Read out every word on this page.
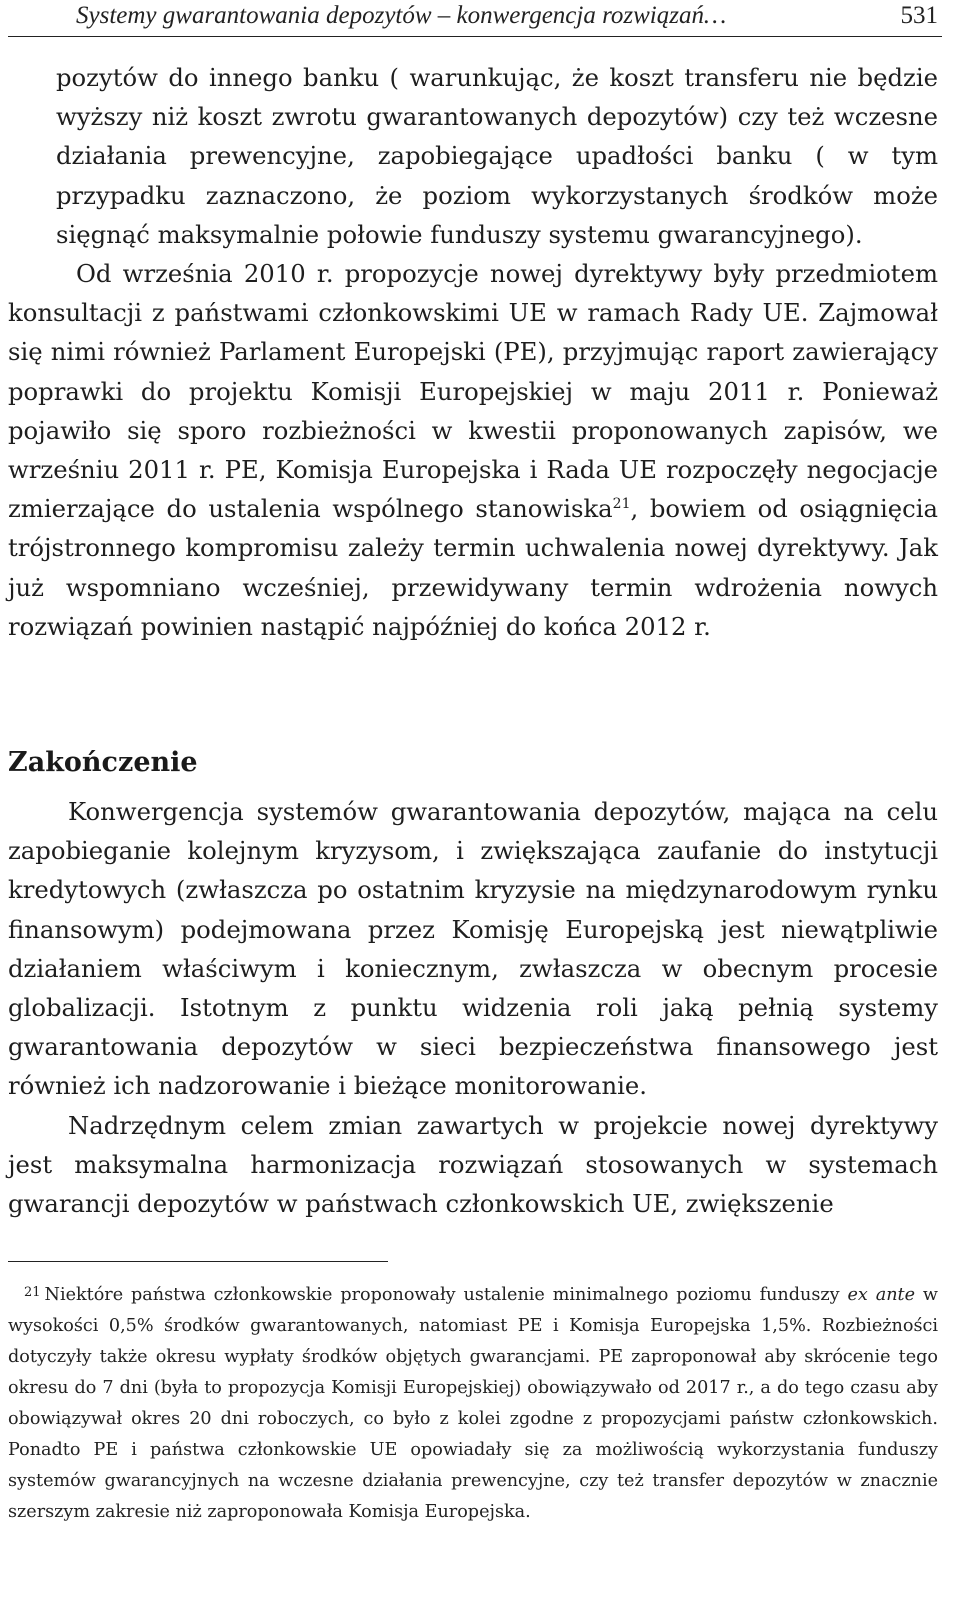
Systemy gwarantowania depozytów – konwergencja rozwiązań…	531

pozytów do innego banku ( warunkując, że koszt transferu nie będzie wyższy niż koszt zwrotu gwarantowanych depozytów) czy też wczesne działania prewencyjne, zapobiegające upadłości banku ( w tym przypadku zaznaczono, że poziom wykorzystanych środków może sięgnąć maksymalnie połowie funduszy systemu gwarancyjnego).

Od września 2010 r. propozycje nowej dyrektywy były przedmiotem konsultacji z państwami członkowskimi UE w ramach Rady UE. Zajmował się nimi również Parlament Europejski (PE), przyjmując raport zawierający poprawki do projektu Komisji Europejskiej w maju 2011 r. Ponieważ pojawiło się sporo rozbieżności w kwestii proponowanych zapisów, we wrześniu 2011 r. PE, Komisja Europejska i Rada UE rozpoczęły negocjacje zmierzające do ustalenia wspólnego stanowiska$^{21}$, bowiem od osiągnięcia trójstronnego kompromisu zależy termin uchwalenia nowej dyrektywy. Jak już wspomniano wcześniej, przewidywany termin wdrożenia nowych rozwiązań powinien nastąpić najpóźniej do końca 2012 r.

Zakończenie

Konwergencja systemów gwarantowania depozytów, mająca na celu zapobieganie kolejnym kryzysom, i zwiększająca zaufanie do instytucji kredytowych (zwłaszcza po ostatnim kryzysie na międzynarodowym rynku finansowym) podejmowana przez Komisję Europejską jest niewątpliwie działaniem właściwym i koniecznym, zwłaszcza w obecnym procesie globalizacji. Istotnym z punktu widzenia roli jaką pełnią systemy gwarantowania depozytów w sieci bezpieczeństwa finansowego jest również ich nadzorowanie i bieżące monitorowanie.

Nadrzędnym celem zmian zawartych w projekcie nowej dyrektywy jest maksymalna harmonizacja rozwiązań stosowanych w systemach gwarancji depozytów w państwach członkowskich UE, zwiększenie

$^{21}$ Niektóre państwa członkowskie proponowały ustalenie minimalnego poziomu funduszy ex ante w wysokości 0,5% środków gwarantowanych, natomiast PE i Komisja Europejska 1,5%. Rozbieżności dotyczyły także okresu wypłaty środków objętych gwarancjami. PE zaproponował aby skrócenie tego okresu do 7 dni (była to propozycja Komisji Europejskiej) obowiązywało od 2017 r., a do tego czasu aby obowiązywał okres 20 dni roboczych, co było z kolei zgodne z propozycjami państw członkowskich. Ponadto PE i państwa członkowskie UE opowiadały się za możliwością wykorzystania funduszy systemów gwarancyjnych na wczesne działania prewencyjne, czy też transfer depozytów w znacznie szerszym zakresie niż zaproponowała Komisja Europejska.
